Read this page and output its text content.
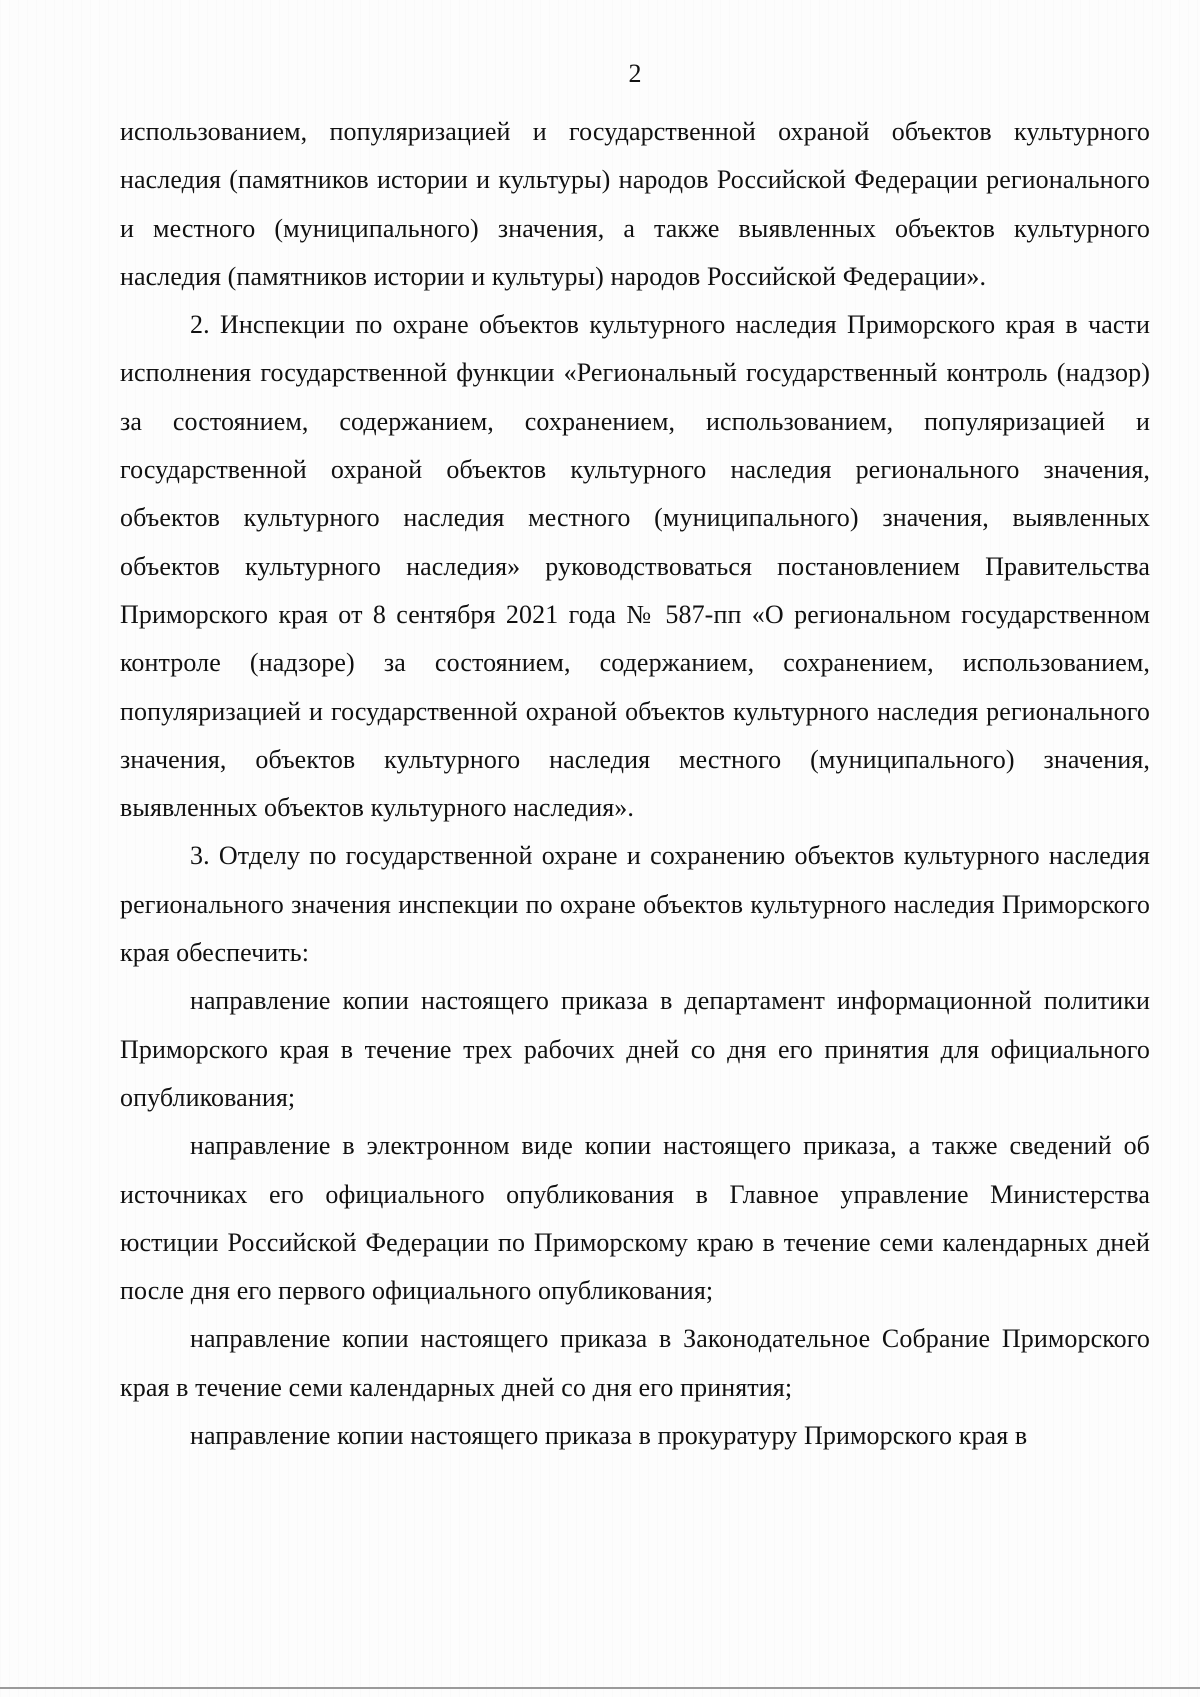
2

использованием, популяризацией и государственной охраной объектов культурного наследия (памятников истории и культуры) народов Российской Федерации регионального и местного (муниципального) значения, а также выявленных объектов культурного наследия (памятников истории и культуры) народов Российской Федерации».

2. Инспекции по охране объектов культурного наследия Приморского края в части исполнения государственной функции «Региональный государственный контроль (надзор) за состоянием, содержанием, сохранением, использованием, популяризацией и государственной охраной объектов культурного наследия регионального значения, объектов культурного наследия местного (муниципального) значения, выявленных объектов культурного наследия» руководствоваться постановлением Правительства Приморского края от 8 сентября 2021 года № 587-пп «О региональном государственном контроле (надзоре) за состоянием, содержанием, сохранением, использованием, популяризацией и государственной охраной объектов культурного наследия регионального значения, объектов культурного наследия местного (муниципального) значения, выявленных объектов культурного наследия».

3. Отделу по государственной охране и сохранению объектов культурного наследия регионального значения инспекции по охране объектов культурного наследия Приморского края обеспечить:

направление копии настоящего приказа в департамент информационной политики Приморского края в течение трех рабочих дней со дня его принятия для официального опубликования;

направление в электронном виде копии настоящего приказа, а также сведений об источниках его официального опубликования в Главное управление Министерства юстиции Российской Федерации по Приморскому краю в течение семи календарных дней после дня его первого официального опубликования;

направление копии настоящего приказа в Законодательное Собрание Приморского края в течение семи календарных дней со дня его принятия;

направление копии настоящего приказа в прокуратуру Приморского края в
